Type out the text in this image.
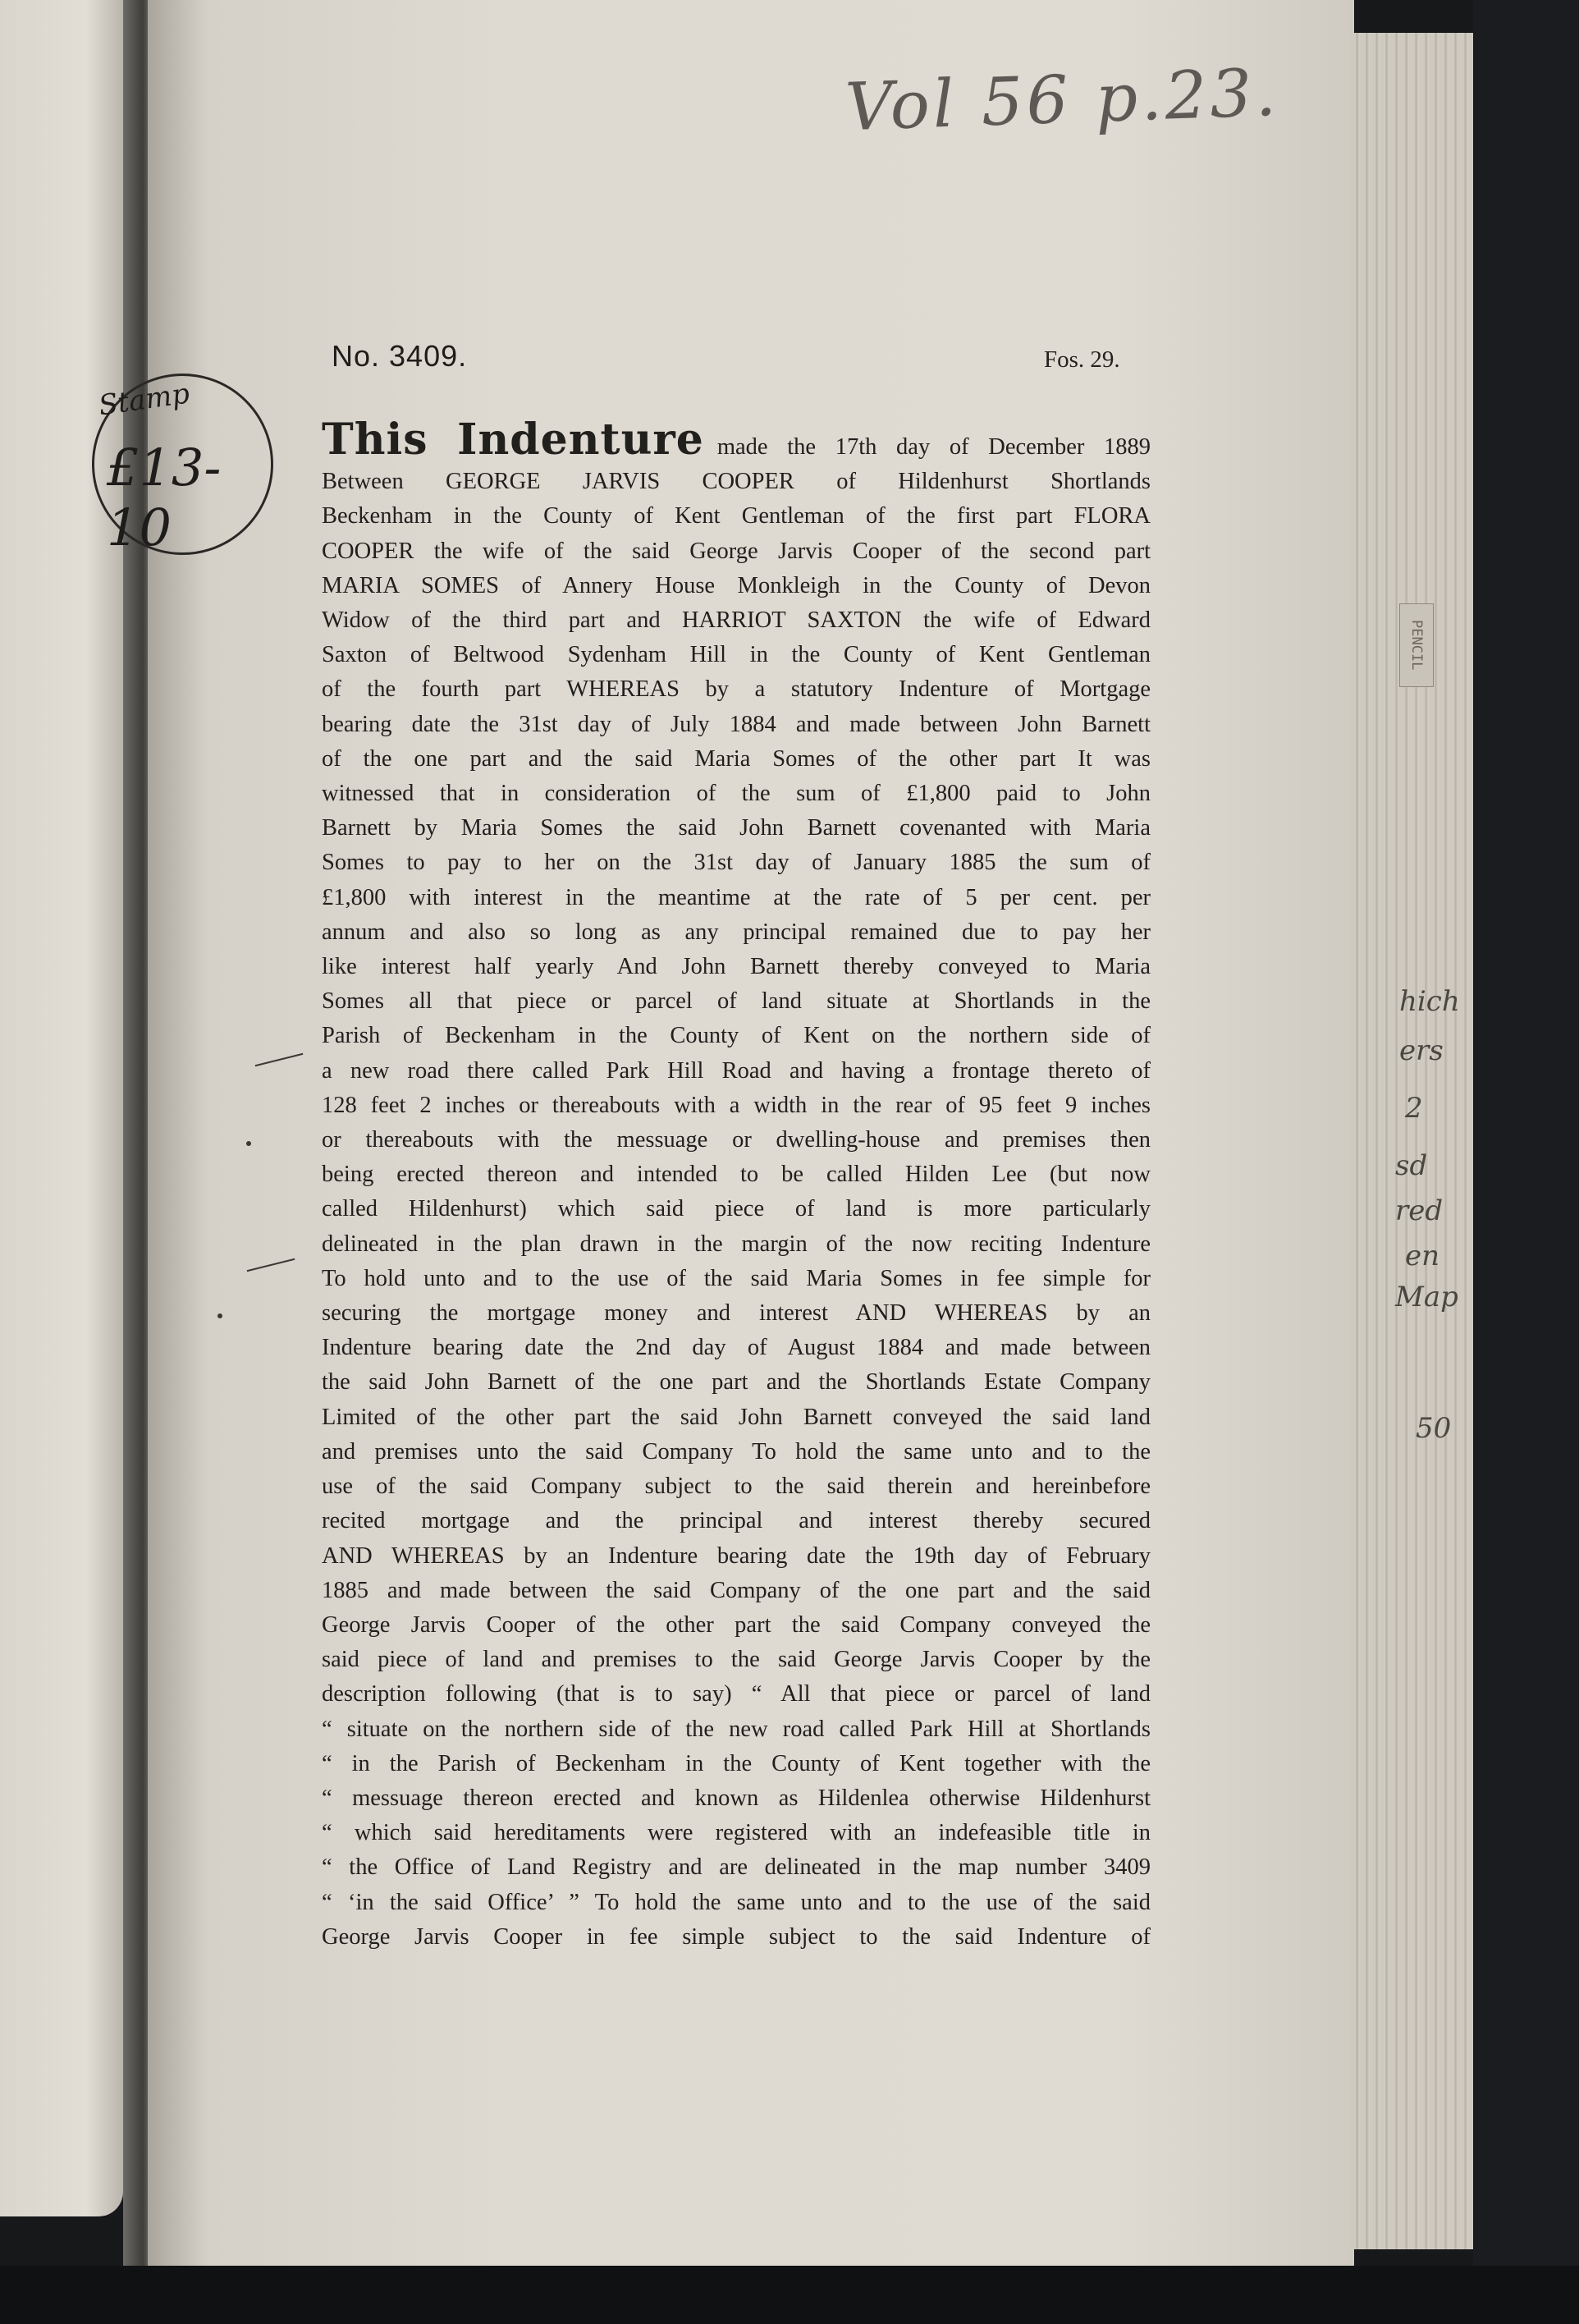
PENCIL
Vol 56 p.23.
Stamp
£13-10
No. 3409.	Fos. 29.
hich
ers
2
sd
red
en
Map
50
This Indenture made the 17th day of December 1889
Between GEORGE JARVIS COOPER of Hildenhurst Shortlands
Beckenham in the County of Kent Gentleman of the first part FLORA
COOPER the wife of the said George Jarvis Cooper of the second part
MARIA SOMES of Annery House Monkleigh in the County of Devon
Widow of the third part and HARRIOT SAXTON the wife of Edward
Saxton of Beltwood Sydenham Hill in the County of Kent Gentleman
of the fourth part WHEREAS by a statutory Indenture of Mortgage
bearing date the 31st day of July 1884 and made between John Barnett
of the one part and the said Maria Somes of the other part It was
witnessed that in consideration of the sum of £1,800 paid to John
Barnett by Maria Somes the said John Barnett covenanted with Maria
Somes to pay to her on the 31st day of January 1885 the sum of
£1,800 with interest in the meantime at the rate of 5 per cent. per
annum and also so long as any principal remained due to pay her
like interest half yearly And John Barnett thereby conveyed to Maria
Somes all that piece or parcel of land situate at Shortlands in the
Parish of Beckenham in the County of Kent on the northern side of
a new road there called Park Hill Road and having a frontage thereto of
128 feet 2 inches or thereabouts with a width in the rear of 95 feet 9 inches
or thereabouts with the messuage or dwelling-house and premises then
being erected thereon and intended to be called Hilden Lee (but now
called Hildenhurst) which said piece of land is more particularly
delineated in the plan drawn in the margin of the now reciting Indenture
To hold unto and to the use of the said Maria Somes in fee simple for
securing the mortgage money and interest AND WHEREAS by an
Indenture bearing date the 2nd day of August 1884 and made between
the said John Barnett of the one part and the Shortlands Estate Company
Limited of the other part the said John Barnett conveyed the said land
and premises unto the said Company To hold the same unto and to the
use of the said Company subject to the said therein and hereinbefore
recited mortgage and the principal and interest thereby secured
AND WHEREAS by an Indenture bearing date the 19th day of February
1885 and made between the said Company of the one part and the said
George Jarvis Cooper of the other part the said Company conveyed the
said piece of land and premises to the said George Jarvis Cooper by the
description following (that is to say) “ All that piece or parcel of land
“ situate on the northern side of the new road called Park Hill at Shortlands
“ in the Parish of Beckenham in the County of Kent together with the
“ messuage thereon erected and known as Hildenlea otherwise Hildenhurst
“ which said hereditaments were registered with an indefeasible title in
“ the Office of Land Registry and are delineated in the map number 3409
“ ‘in the said Office’ ” To hold the same unto and to the use of the said
George Jarvis Cooper in fee simple subject to the said Indenture of
